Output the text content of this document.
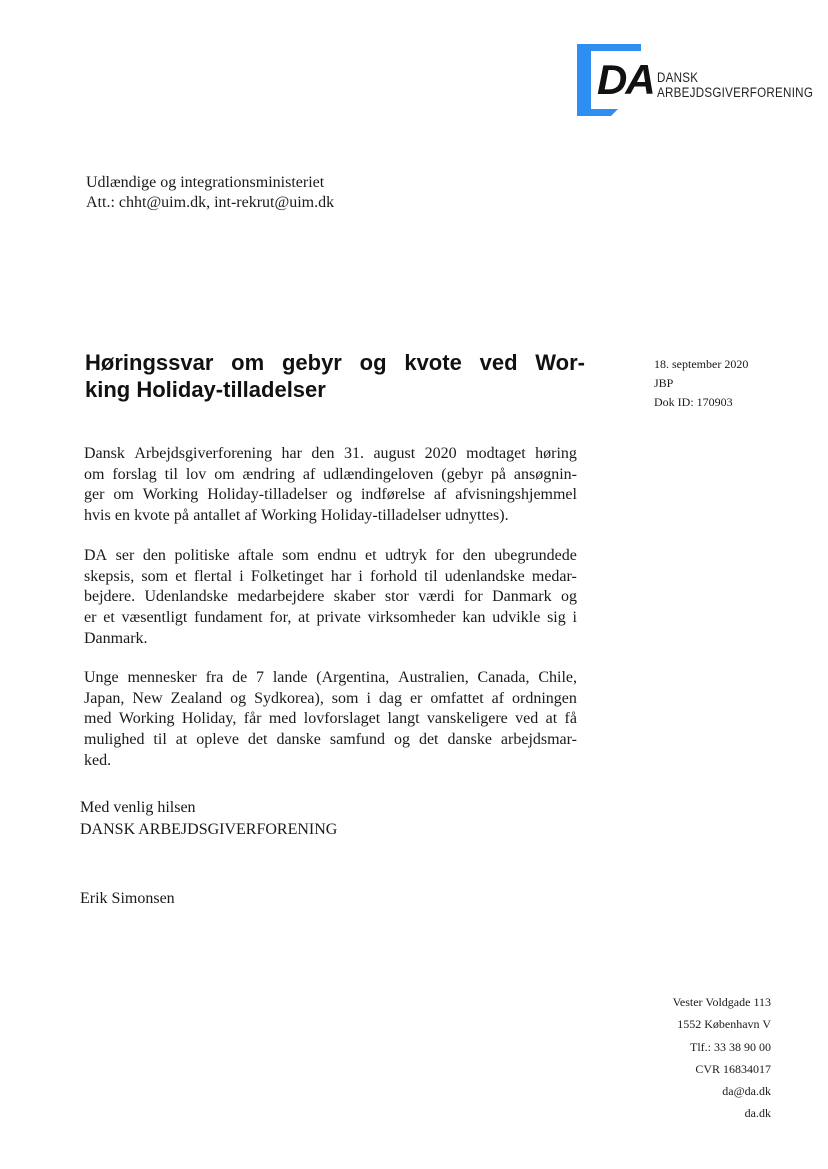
DA DANSK
ARBEJDSGIVERFORENING
Udlændige og integrationsministeriet
Att.: chht@uim.dk, int-rekrut@uim.dk
Høringssvar om gebyr og kvote ved Wor-
king Holiday-tilladelser
18. september 2020
JBP
Dok ID: 170903
Dansk Arbejdsgiverforening har den 31. august 2020 modtaget høring
om forslag til lov om ændring af udlændingeloven (gebyr på ansøgnin-
ger om Working Holiday-tilladelser og indførelse af afvisningshjemmel
hvis en kvote på antallet af Working Holiday-tilladelser udnyttes).
DA ser den politiske aftale som endnu et udtryk for den ubegrundede
skepsis, som et flertal i Folketinget har i forhold til udenlandske medar-
bejdere. Udenlandske medarbejdere skaber stor værdi for Danmark og
er et væsentligt fundament for, at private virksomheder kan udvikle sig i
Danmark.
Unge mennesker fra de 7 lande (Argentina, Australien, Canada, Chile,
Japan, New Zealand og Sydkorea), som i dag er omfattet af ordningen
med Working Holiday, får med lovforslaget langt vanskeligere ved at få
mulighed til at opleve det danske samfund og det danske arbejdsmar-
ked.
Med venlig hilsen
DANSK ARBEJDSGIVERFORENING
Erik Simonsen
Vester Voldgade 113
1552 København V
Tlf.: 33 38 90 00
CVR 16834017
da@da.dk
da.dk
